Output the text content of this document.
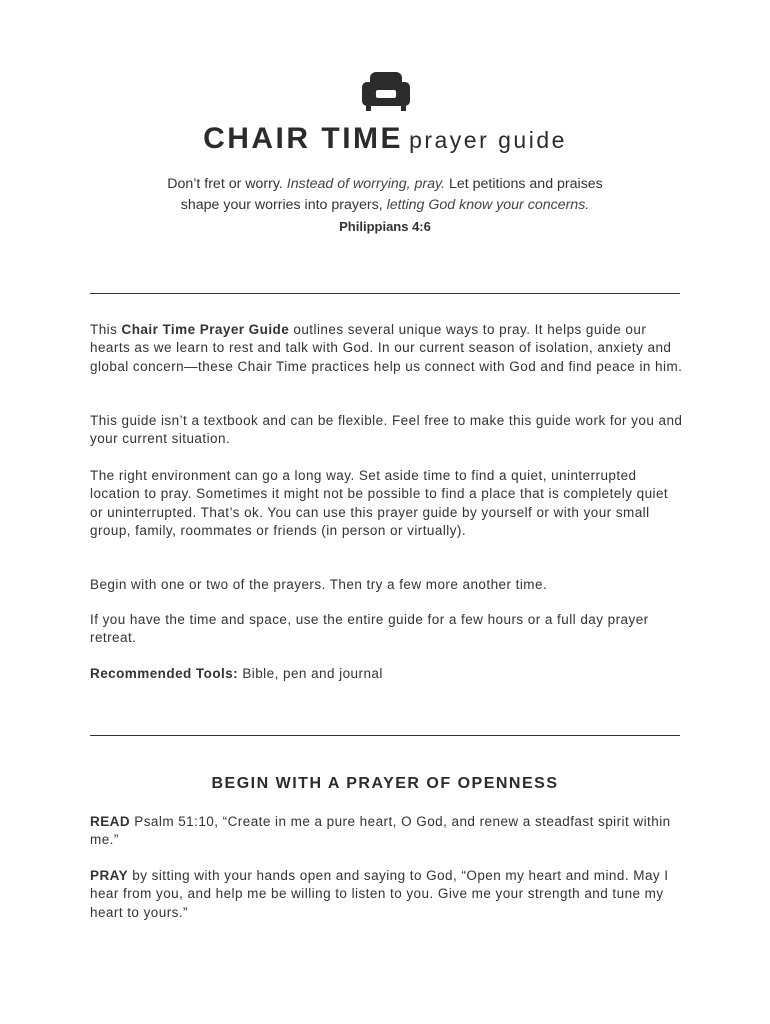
CHAIR TIME prayer guide
Don’t fret or worry. Instead of worrying, pray. Let petitions and praises
shape your worries into prayers, letting God know your concerns.
Philippians 4:6

This Chair Time Prayer Guide outlines several unique ways to pray. It helps guide our hearts as we learn to rest and talk with God. In our current season of isolation, anxiety and global concern—these Chair Time practices help us connect with God and find peace in him.

This guide isn’t a textbook and can be flexible. Feel free to make this guide work for you and your current situation.

The right environment can go a long way. Set aside time to find a quiet, uninterrupted location to pray. Sometimes it might not be possible to find a place that is completely quiet or uninterrupted. That’s ok. You can use this prayer guide by yourself or with your small group, family, roommates or friends (in person or virtually).

Begin with one or two of the prayers. Then try a few more another time.

If you have the time and space, use the entire guide for a few hours or a full day prayer retreat.

Recommended Tools: Bible, pen and journal

BEGIN WITH A PRAYER OF OPENNESS

READ Psalm 51:10, “Create in me a pure heart, O God, and renew a steadfast spirit within me.”

PRAY by sitting with your hands open and saying to God, “Open my heart and mind. May I hear from you, and help me be willing to listen to you. Give me your strength and tune my heart to yours.”
